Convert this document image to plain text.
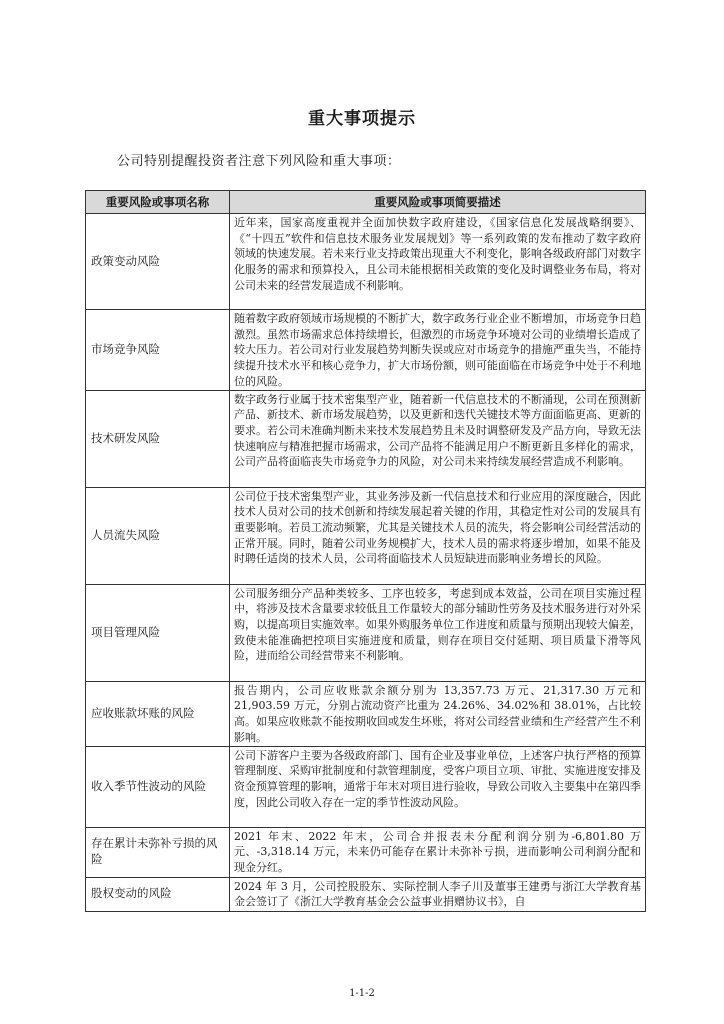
重大事项提示
公司特别提醒投资者注意下列风险和重大事项：
重要风险或事项名称	重要风险或事项简要描述
政策变动风险	近年来，国家高度重视并全面加快数字政府建设，《国家信息化发展战略纲要》、《“十四五”软件和信息技术服务业发展规划》等一系列政策的发布推动了数字政府领域的快速发展。若未来行业支持政策出现重大不利变化，影响各级政府部门对数字化服务的需求和预算投入，且公司未能根据相关政策的变化及时调整业务布局，将对公司未来的经营发展造成不利影响。
市场竞争风险	随着数字政府领域市场规模的不断扩大，数字政务行业企业不断增加，市场竞争日趋激烈。虽然市场需求总体持续增长，但激烈的市场竞争环境对公司的业绩增长造成了较大压力。若公司对行业发展趋势判断失误或应对市场竞争的措施严重失当，不能持续提升技术水平和核心竞争力，扩大市场份额，则可能面临在市场竞争中处于不利地位的风险。
技术研发风险	数字政务行业属于技术密集型产业，随着新一代信息技术的不断涌现，公司在预测新产品、新技术、新市场发展趋势，以及更新和迭代关键技术等方面面临更高、更新的要求。若公司未准确判断未来技术发展趋势且未及时调整研发及产品方向，导致无法快速响应与精准把握市场需求，公司产品将不能满足用户不断更新且多样化的需求，公司产品将面临丧失市场竞争力的风险，对公司未来持续发展经营造成不利影响。
人员流失风险	公司位于技术密集型产业，其业务涉及新一代信息技术和行业应用的深度融合，因此技术人员对公司的技术创新和持续发展起着关键的作用，其稳定性对公司的发展具有重要影响。若员工流动频繁，尤其是关键技术人员的流失，将会影响公司经营活动的正常开展。同时，随着公司业务规模扩大，技术人员的需求将逐步增加，如果不能及时聘任适岗的技术人员，公司将面临技术人员短缺进而影响业务增长的风险。
项目管理风险	公司服务细分产品种类较多、工序也较多，考虑到成本效益，公司在项目实施过程中，将涉及技术含量要求较低且工作量较大的部分辅助性劳务及技术服务进行对外采购，以提高项目实施效率。如果外购服务单位工作进度和质量与预期出现较大偏差，致使未能准确把控项目实施进度和质量，则存在项目交付延期、项目质量下滑等风险，进而给公司经营带来不利影响。
应收账款坏账的风险	报告期内，公司应收账款余额分别为 13,357.73 万元、21,317.30 万元和21,903.59 万元，分别占流动资产比重为 24.26%、34.02%和 38.01%，占比较高。如果应收账款不能按期收回或发生坏账，将对公司经营业绩和生产经营产生不利影响。
收入季节性波动的风险	公司下游客户主要为各级政府部门、国有企业及事业单位，上述客户执行严格的预算管理制度、采购审批制度和付款管理制度，受客户项目立项、审批、实施进度安排及资金预算管理的影响，通常于年末对项目进行验收，导致公司收入主要集中在第四季度，因此公司收入存在一定的季节性波动风险。
存在累计未弥补亏损的风险	2021 年末、2022 年末，公司合并报表未分配利润分别为-6,801.80 万元、-3,318.14 万元，未来仍可能存在累计未弥补亏损，进而影响公司利润分配和现金分红。
股权变动的风险	2024 年 3 月，公司控股股东、实际控制人李子川及董事王建勇与浙江大学教育基金会签订了《浙江大学教育基金会公益事业捐赠协议书》，自
1-1-2
